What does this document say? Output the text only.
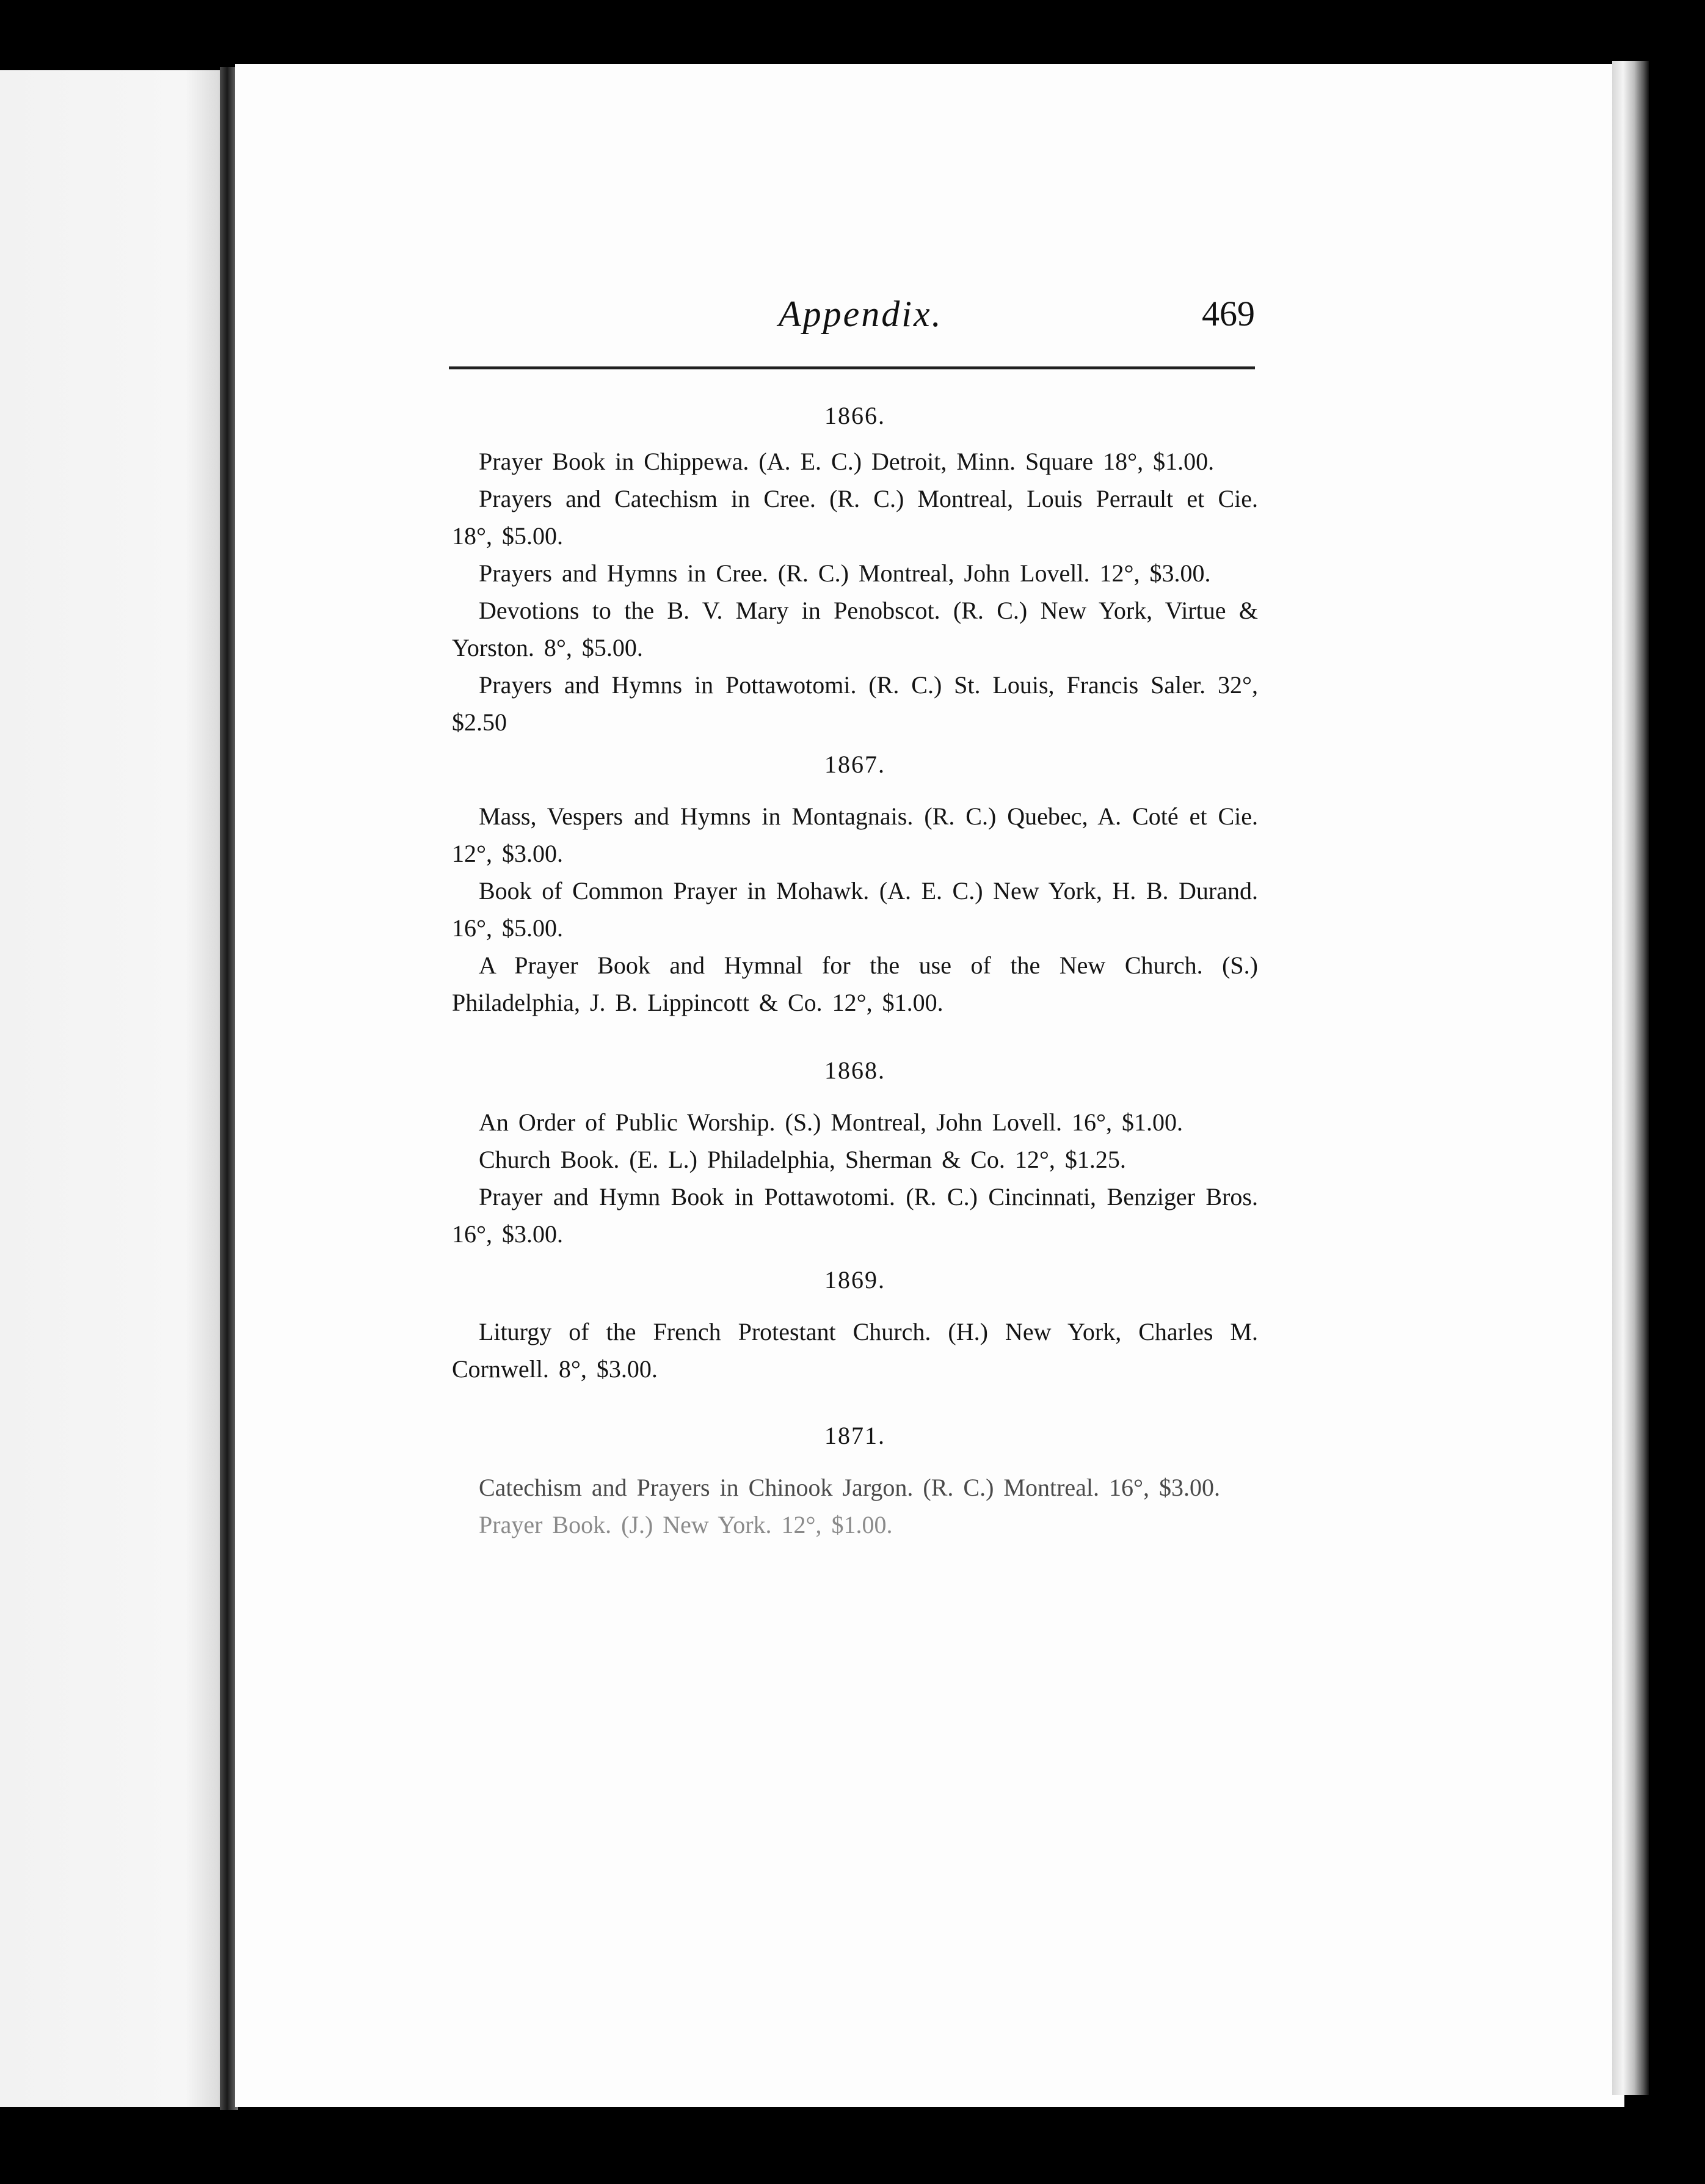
Appendix.	469

1866.

Prayer Book in Chippewa. (A. E. C.) Detroit, Minn. Square 18°, $1.00.

Prayers and Catechism in Cree. (R. C.) Montreal, Louis Perrault et Cie. 18°, $5.00.

Prayers and Hymns in Cree. (R. C.) Montreal, John Lovell. 12°, $3.00.

Devotions to the B. V. Mary in Penobscot. (R. C.) New York, Virtue & Yorston. 8°, $5.00.

Prayers and Hymns in Pottawotomi. (R. C.) St. Louis, Francis Saler. 32°, $2.50

1867.

Mass, Vespers and Hymns in Montagnais. (R. C.) Quebec, A. Coté et Cie. 12°, $3.00.

Book of Common Prayer in Mohawk. (A. E. C.) New York, H. B. Durand. 16°, $5.00.

A Prayer Book and Hymnal for the use of the New Church. (S.) Philadelphia, J. B. Lippincott & Co. 12°, $1.00.

1868.

An Order of Public Worship. (S.) Montreal, John Lovell. 16°, $1.00.

Church Book. (E. L.) Philadelphia, Sherman & Co. 12°, $1.25.

Prayer and Hymn Book in Pottawotomi. (R. C.) Cincinnati, Benziger Bros. 16°, $3.00.

1869.

Liturgy of the French Protestant Church. (H.) New York, Charles M. Cornwell. 8°, $3.00.

1871.

Catechism and Prayers in Chinook Jargon. (R. C.) Montreal. 16°, $3.00.

Prayer Book. (J.) New York. 12°, $1.00.
